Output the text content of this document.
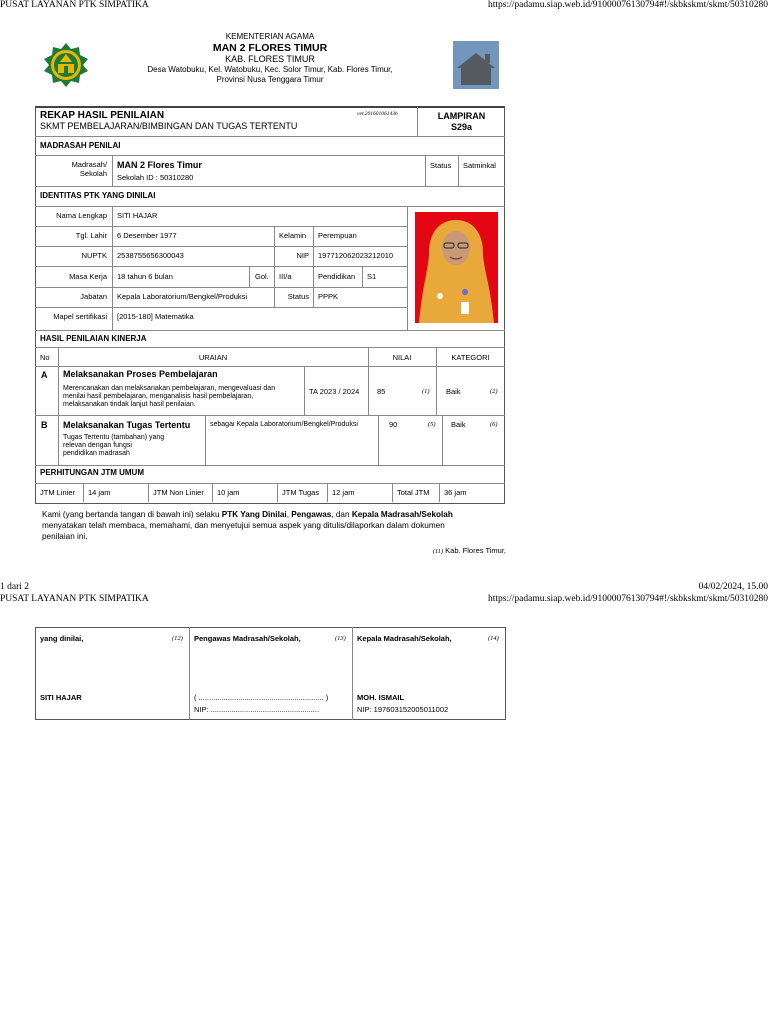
PUSAT LAYANAN PTK SIMPATIKA	https://padamu.siap.web.id/91000076130794#!/skbkskmt/skmt/50310280
KEMENTERIAN AGAMA
MAN 2 FLORES TIMUR
KAB. FLORES TIMUR
Desa Watobuku, Kel. Watobuku, Kec. Solor Timur, Kab. Flores Timur,
Provinsi Nusa Tenggara Timur
REKAP HASIL PENILAIAN
SKMT PEMBELAJARAN/BIMBINGAN DAN TUGAS TERTENTU
ver.20160106143b	LAMPIRAN
S29a
MADRASAH PENILAI
Madrasah/
Sekolah
MAN 2 Flores Timur
Sekolah ID : 50310280
Status Satminkal
IDENTITAS PTK YANG DINILAI
Nama Lengkap SITI HAJAR
Tgl. Lahir 6 Desember 1977	Kelamin Perempuan
NUPTK 2538755656300043	NIP 197712062023212010
Masa Kerja 18 tahun 6 bulan	Gol. III/a	Pendidikan S1
Jabatan Kepala Laboratorium/Bengkel/Produksi	Status PPPK
Mapel sertifikasi [2015-180] Matematika
HASIL PENILAIAN KINERJA
No	URAIAN	NILAI	KATEGORI
A Melaksanakan Proses Pembelajaran
Merencanakan dan melaksanakan pembelajaran, mengevaluasi dan
menilai hasil pembelajaran, menganalisis hasil pembelajaran,
melaksanakan tindak lanjut hasil penilaian.
TA 2023 / 2024 85	(1) Baik	(2)
B Melaksanakan Tugas Tertentu
Tugas Tertentu (tambahan) yang
relevan dengan fungsi
pendidikan madrasah
sebagai Kepala Laboratorium/Bengkel/Produksi	90	(5) Baik	(6)
PERHITUNGAN JTM UMUM
JTM Linier 14 jam	JTM Non Linier 10 jam	JTM Tugas 12 jam	Total JTM 36 jam
Kami (yang bertanda tangan di bawah ini) selaku PTK Yang Dinilai, Pengawas, dan Kepala Madrasah/Sekolah
menyatakan telah membaca, memahami, dan menyetujui semua aspek yang ditulis/dilaporkan dalam dokumen
penilaian ini.
(11) Kab. Flores Timur,
1 dari 2	04/02/2024, 15.00
PUSAT LAYANAN PTK SIMPATIKA	https://padamu.siap.web.id/91000076130794#!/skbkskmt/skmt/50310280
yang dinilai,	(12)
SITI HAJAR
Pengawas Madrasah/Sekolah,	(13)
( ............................................................ )
NIP: ....................................................
Kepala Madrasah/Sekolah,	(14)
MOH. ISMAIL
NIP: 197603152005011002
